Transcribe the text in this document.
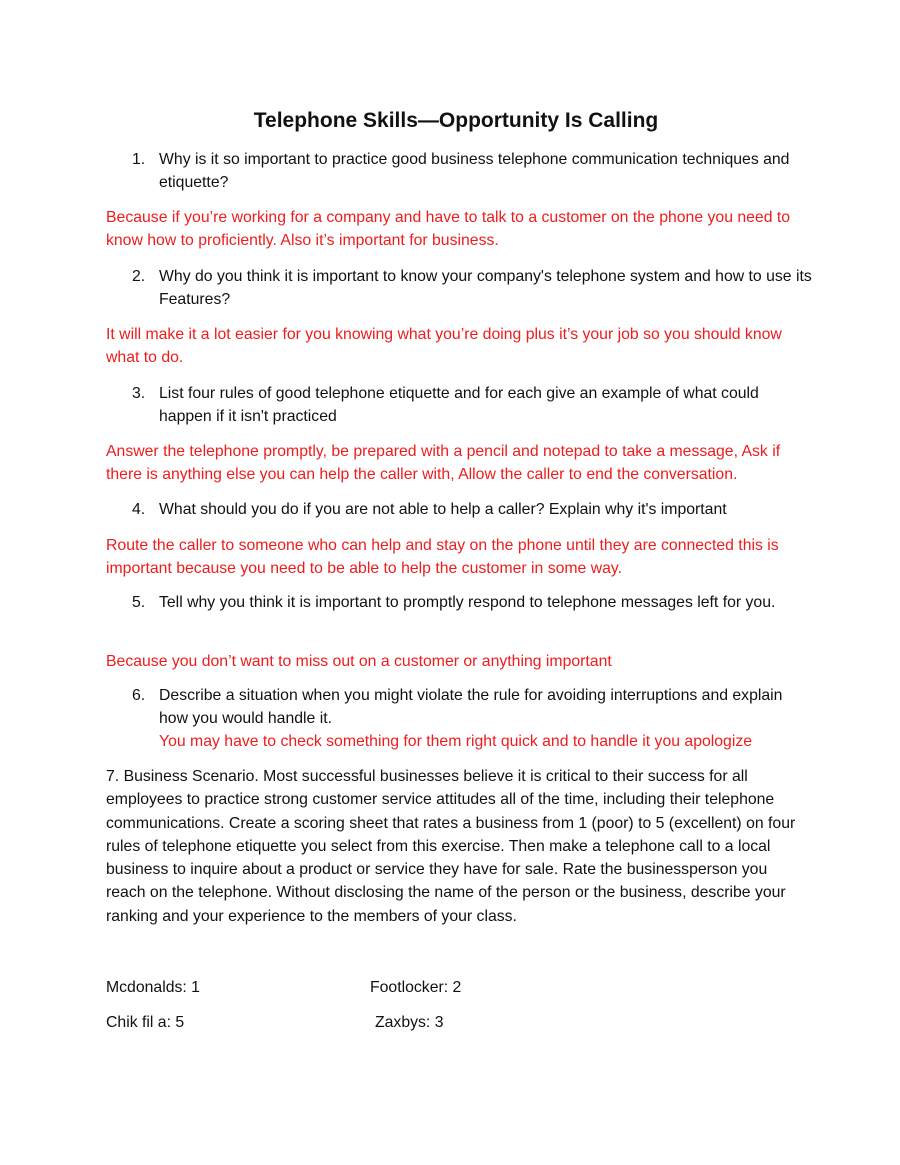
Telephone Skills—Opportunity Is Calling
1. Why is it so important to practice good business telephone communication techniques and etiquette?
Because if you’re working for a company and have to talk to a customer on the phone you need to know how to proficiently. Also it’s important for business.
2. Why do you think it is important to know your company's telephone system and how to use its Features?
It will make it a lot easier for you knowing what you’re doing plus it’s your job so you should know what to do.
3. List four rules of good telephone etiquette and for each give an example of what could happen if it isn't practiced
Answer the telephone promptly, be prepared with a pencil and notepad to take a message, Ask if there is anything else you can help the caller with, Allow the caller to end the conversation.
4. What should you do if you are not able to help a caller? Explain why it's important
Route the caller to someone who can help and stay on the phone until they are connected this is important because you need to be able to help the customer in some way.
5. Tell why you think it is important to promptly respond to telephone messages left for you.
Because you don’t want to miss out on a customer or anything important
6. Describe a situation when you might violate the rule for avoiding interruptions and explain how you would handle it.
You may have to check something for them right quick and to handle it you apologize
7. Business Scenario. Most successful businesses believe it is critical to their success for all employees to practice strong customer service attitudes all of the time, including their telephone communications. Create a scoring sheet that rates a business from 1 (poor) to 5 (excellent) on four rules of telephone etiquette you select from this exercise. Then make a telephone call to a local business to inquire about a product or service they have for sale. Rate the businessperson you reach on the telephone. Without disclosing the name of the person or the business, describe your ranking and your experience to the members of your class.
Mcdonalds: 1	Footlocker: 2
Chik fil a: 5	Zaxbys: 3
